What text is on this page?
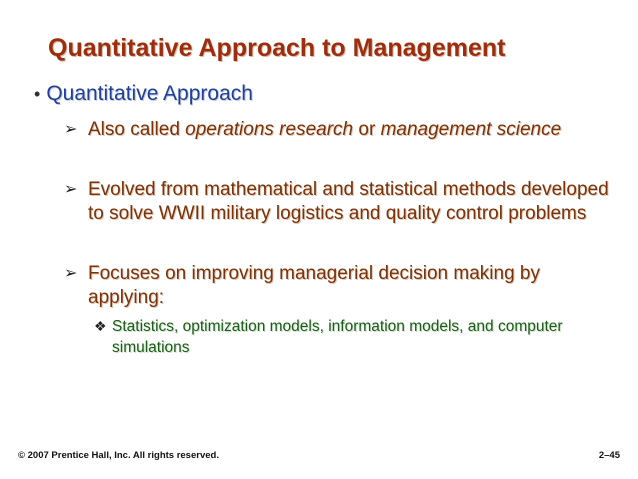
Quantitative Approach to Management
• Quantitative Approach
➢ Also called operations research or management science
➢ Evolved from mathematical and statistical methods developed to solve WWII military logistics and quality control problems
➢ Focuses on improving managerial decision making by applying:
❖ Statistics, optimization models, information models, and computer simulations
© 2007 Prentice Hall, Inc. All rights reserved.	2–45
